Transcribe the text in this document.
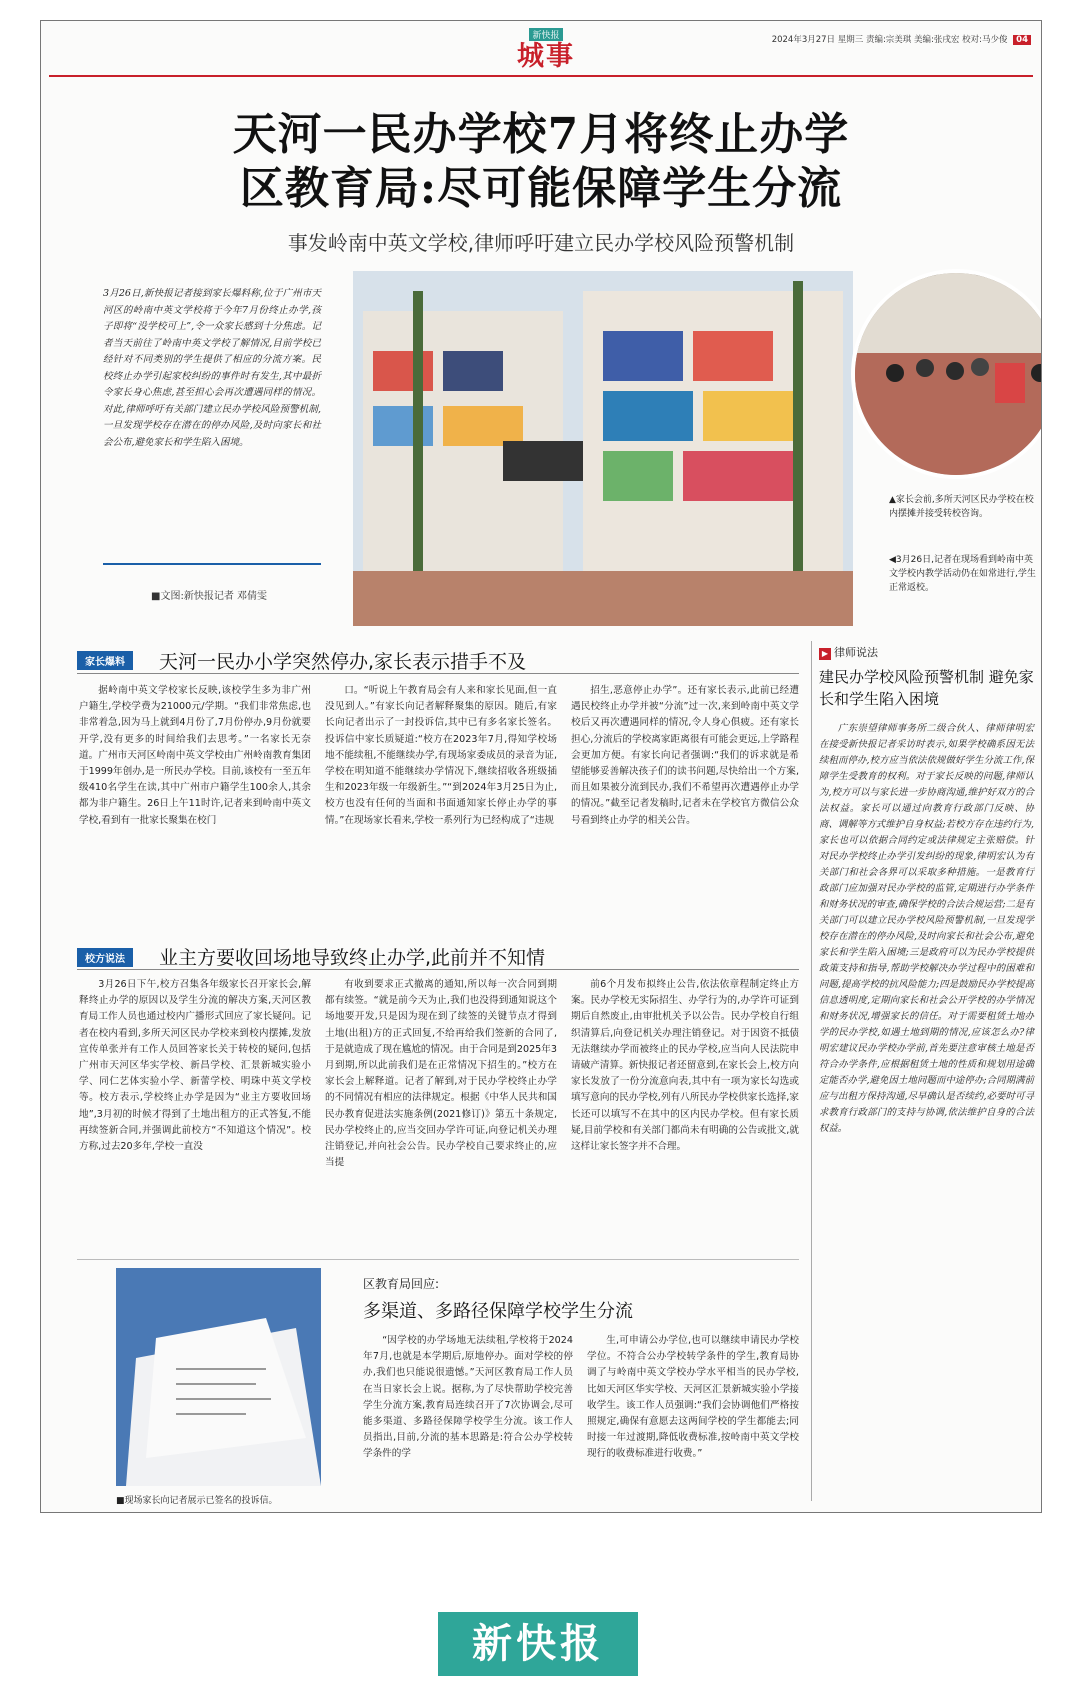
新快报
城事
2024年3月27日 星期三 责编:宗美琪 美编:张戌宏 校对:马少俊 04
天河一民办学校7月将终止办学
区教育局:尽可能保障学生分流
事发岭南中英文学校,律师呼吁建立民办学校风险预警机制
3月26日,新快报记者接到家长爆料称,位于广州市天河区的岭南中英文学校将于今年7月份终止办学,孩子即将“没学校可上”,令一众家长感到十分焦虑。记者当天前往了岭南中英文学校了解情况,目前学校已经针对不同类别的学生提供了相应的分流方案。民校终止办学引起家校纠纷的事件时有发生,其中最折令家长身心焦虑,甚至担心会再次遭遇同样的情况。对此,律师呼吁有关部门建立民办学校风险预警机制,一旦发现学校存在潜在的停办风险,及时向家长和社会公布,避免家长和学生陷入困境。
■文图:新快报记者 邓倩雯
▲家长会前,多所天河区民办学校在校内摆摊并接受转校咨询。
◀3月26日,记者在现场看到岭南中英文学校内教学活动仍在如常进行,学生正常返校。
家长爆料	天河一民办小学突然停办,家长表示措手不及

据岭南中英文学校家长反映,该校学生多为非广州户籍生,学校学费为21000元/学期。“我们非常焦虑,也非常着急,因为马上就到4月份了,7月份停办,9月份就要开学,没有更多的时间给我们去思考。”一名家长无奈道。广州市天河区岭南中英文学校由广州岭南教育集团于1999年创办,是一所民办学校。目前,该校有一至五年级410名学生在读,其中广州市户籍学生100余人,其余都为非户籍生。26日上午11时许,记者来到岭南中英文学校,看到有一批家长聚集在校门

口。“听说上午教育局会有人来和家长见面,但一直没见到人。”有家长向记者解释聚集的原因。随后,有家长向记者出示了一封投诉信,其中已有多名家长签名。投诉信中家长质疑道:“校方在2023年7月,得知学校场地不能续租,不能继续办学,有现场家委成员的录音为证,学校在明知道不能继续办学情况下,继续招收各班级插生和2023年级一年级新生。”“到2024年3月25日为止,校方也没有任何的当面和书面通知家长停止办学的事情。”在现场家长看来,学校一系列行为已经构成了“违规

招生,恶意停止办学”。还有家长表示,此前已经遭遇民校终止办学并被“分流”过一次,来到岭南中英文学校后又再次遭遇同样的情况,令人身心俱疲。还有家长担心,分流后的学校离家距离很有可能会更远,上学路程会更加方便。有家长向记者强调:“我们的诉求就是希望能够妥善解决孩子们的读书问题,尽快给出一个方案,而且如果被分流到民办,我们不希望再次遭遇停止办学的情况。”截至记者发稿时,记者未在学校官方微信公众号看到终止办学的相关公告。

校方说法	业主方要收回场地导致终止办学,此前并不知情

3月26日下午,校方召集各年级家长召开家长会,解释终止办学的原因以及学生分流的解决方案,天河区教育局工作人员也通过校内广播形式回应了家长疑问。记者在校内看到,多所天河区民办学校来到校内摆摊,发放宣传单张并有工作人员回答家长关于转校的疑问,包括广州市天河区华实学校、新昌学校、汇景新城实验小学、同仁艺体实验小学、新蕾学校、明珠中英文学校等。校方表示,学校终止办学是因为“业主方要收回场地”,3月初的时候才得到了土地出租方的正式答复,不能再续签新合同,并强调此前校方“不知道这个情况”。校方称,过去20多年,学校一直没

有收到要求正式撤离的通知,所以每一次合同到期都有续签。“就是前今天为止,我们也没得到通知说这个场地要开发,只是因为现在到了续签的关键节点才得到土地(出租)方的正式回复,不给再给我们签新的合同了,于是就造成了现在尴尬的情况。由于合同是到2025年3月到期,所以此前我们是在正常情况下招生的。”校方在家长会上解释道。记者了解到,对于民办学校终止办学的不同情况有相应的法律规定。根据《中华人民共和国民办教育促进法实施条例(2021修订)》第五十条规定,民办学校终止的,应当交回办学许可证,向登记机关办理注销登记,并向社会公告。民办学校自己要求终止的,应当提

前6个月发布拟终止公告,依法依章程制定终止方案。民办学校无实际招生、办学行为的,办学许可证到期后自然废止,由审批机关予以公告。民办学校自行组织清算后,向登记机关办理注销登记。对于因资不抵债无法继续办学而被终止的民办学校,应当向人民法院申请破产清算。新快报记者还留意到,在家长会上,校方向家长发放了一份分流意向表,其中有一项为家长勾选或填写意向的民办学校,列有八所民办学校供家长选择,家长还可以填写不在其中的区内民办学校。但有家长质疑,目前学校和有关部门都尚未有明确的公告或批文,就这样让家长签字并不合理。

▶ 律师说法
建民办学校风险预警机制 避免家长和学生陷入困境

广东崇望律师事务所二级合伙人、律师律明宏在接受新快报记者采访时表示,如果学校确系因无法续租而停办,校方应当依法依规做好学生分流工作,保障学生受教育的权利。对于家长反映的问题,律师认为,校方可以与家长进一步协商沟通,维护好双方的合法权益。家长可以通过向教育行政部门反映、协商、调解等方式维护自身权益;若校方存在违约行为,家长也可以依据合同约定或法律规定主张赔偿。针对民办学校终止办学引发纠纷的现象,律明宏认为有关部门和社会各界可以采取多种措施。一是教育行政部门应加强对民办学校的监管,定期进行办学条件和财务状况的审查,确保学校的合法合规运营;二是有关部门可以建立民办学校风险预警机制,一旦发现学校存在潜在的停办风险,及时向家长和社会公布,避免家长和学生陷入困境;三是政府可以为民办学校提供政策支持和指导,帮助学校解决办学过程中的困难和问题,提高学校的抗风险能力;四是鼓励民办学校提高信息透明度,定期向家长和社会公开学校的办学情况和财务状况,增强家长的信任。对于需要租赁土地办学的民办学校,如遇土地到期的情况,应该怎么办?律明宏建议民办学校办学前,首先要注意审核土地是否符合办学条件,应根据租赁土地的性质和规划用途确定能否办学,避免因土地问题而中途停办;合同期满前应与出租方保持沟通,尽早确认是否续约,必要时可寻求教育行政部门的支持与协调,依法维护自身的合法权益。

■现场家长向记者展示已签名的投诉信。
区教育局回应:
多渠道、多路径保障学校学生分流

“因学校的办学场地无法续租,学校将于2024年7月,也就是本学期后,原地停办。面对学校的停办,我们也只能说很遗憾。”天河区教育局工作人员在当日家长会上说。据称,为了尽快帮助学校完善学生分流方案,教育局连续召开了7次协调会,尽可能多渠道、多路径保障学校学生分流。该工作人员指出,目前,分流的基本思路是:符合公办学校转学条件的学

生,可申请公办学位,也可以继续申请民办学校学位。不符合公办学校转学条件的学生,教育局协调了与岭南中英文学校办学水平相当的民办学校,比如天河区华实学校、天河区汇景新城实验小学接收学生。该工作人员强调:“我们会协调他们严格按照规定,确保有意愿去这两间学校的学生都能去;同时接一年过渡期,降低收费标准,按岭南中英文学校现行的收费标准进行收费。”

新快报
